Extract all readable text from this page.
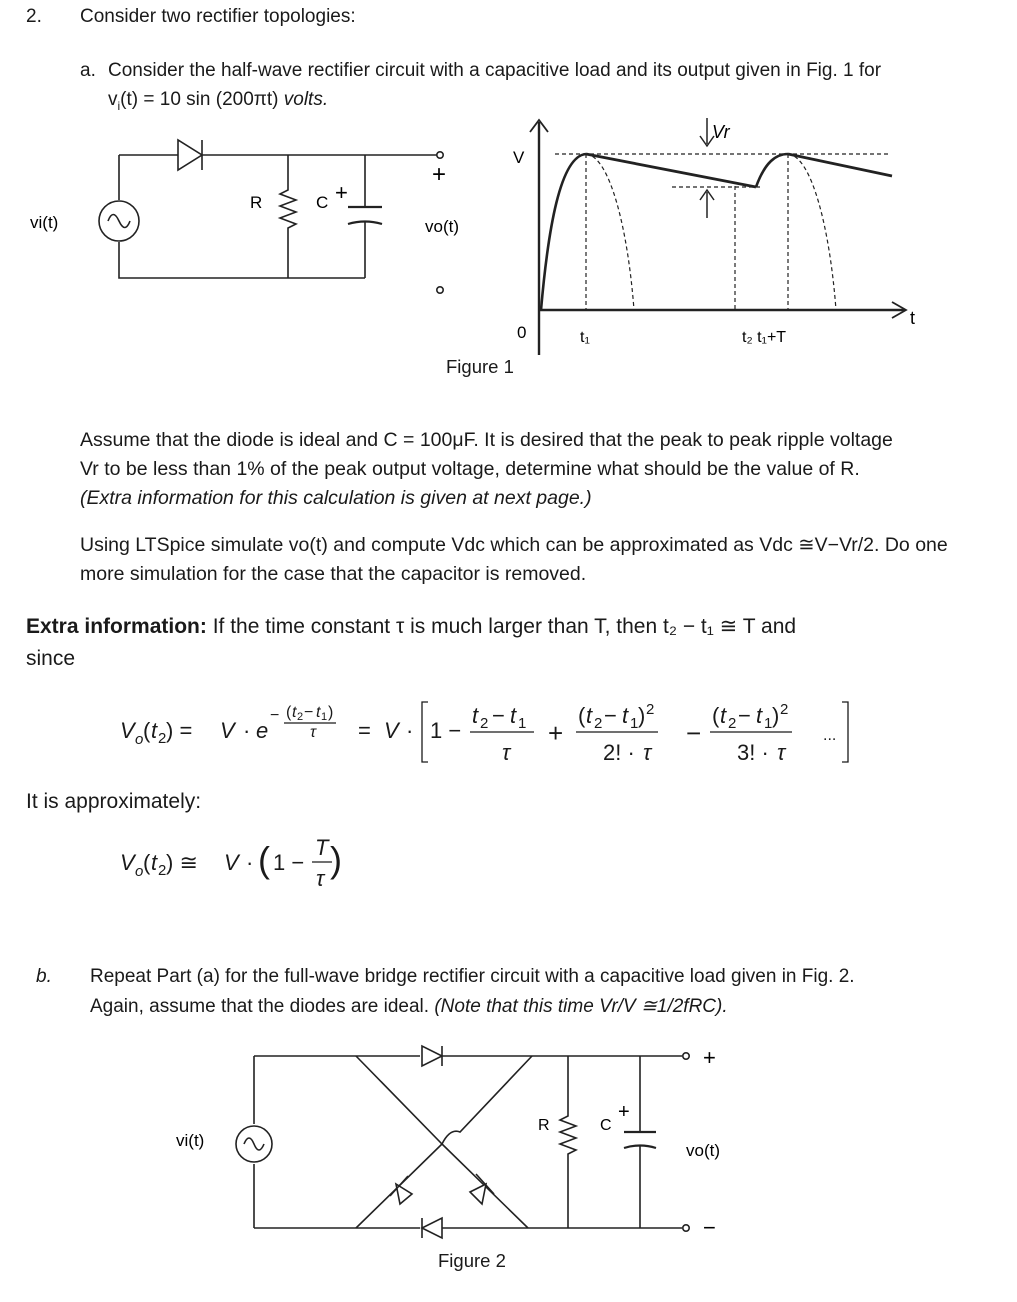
2. Consider two rectifier topologies:
a. Consider the half-wave rectifier circuit with a capacitive load and its output given in Fig. 1 for
$v_i(t) = 10$ sin (200πt) volts.
vi(t)
R	C +
+
vo(t)
V
Vr
t
0	t₁	t₂ t₁+T
Figure 1
Assume that the diode is ideal and C = 100μF. It is desired that the peak to peak ripple voltage
Vr to be less than 1% of the peak output voltage, determine what should be the value of R.
(Extra information for this calculation is given at next page.)
Using LTSpice simulate vo(t) and compute Vdc which can be approximated as Vdc ≅V−Vr/2. Do one
more simulation for the case that the capacitor is removed.
Extra information: If the time constant τ is much larger than T, then t₂ − t₁ ≅ T and
since
V o ( t 2 ) = V · e
( t 2 − t 1 )
−
τ = V · 1 −
t 2 − t 1
τ
+
( t 2 − t 1 ) 2
2! · τ
−
( t 2 − t 1 ) 2
3! · τ
...
It is approximately:
V o ( t 2 ) ≅ V · ( 1 −
T
τ )
b. Repeat Part (a) for the full-wave bridge rectifier circuit with a capacitive load given in Fig. 2.
Again, assume that the diodes are ideal. (Note that this time Vr/V ≅1/2fRC).
vi(t)
R	C
+
+
−
vo(t)
Figure 2
